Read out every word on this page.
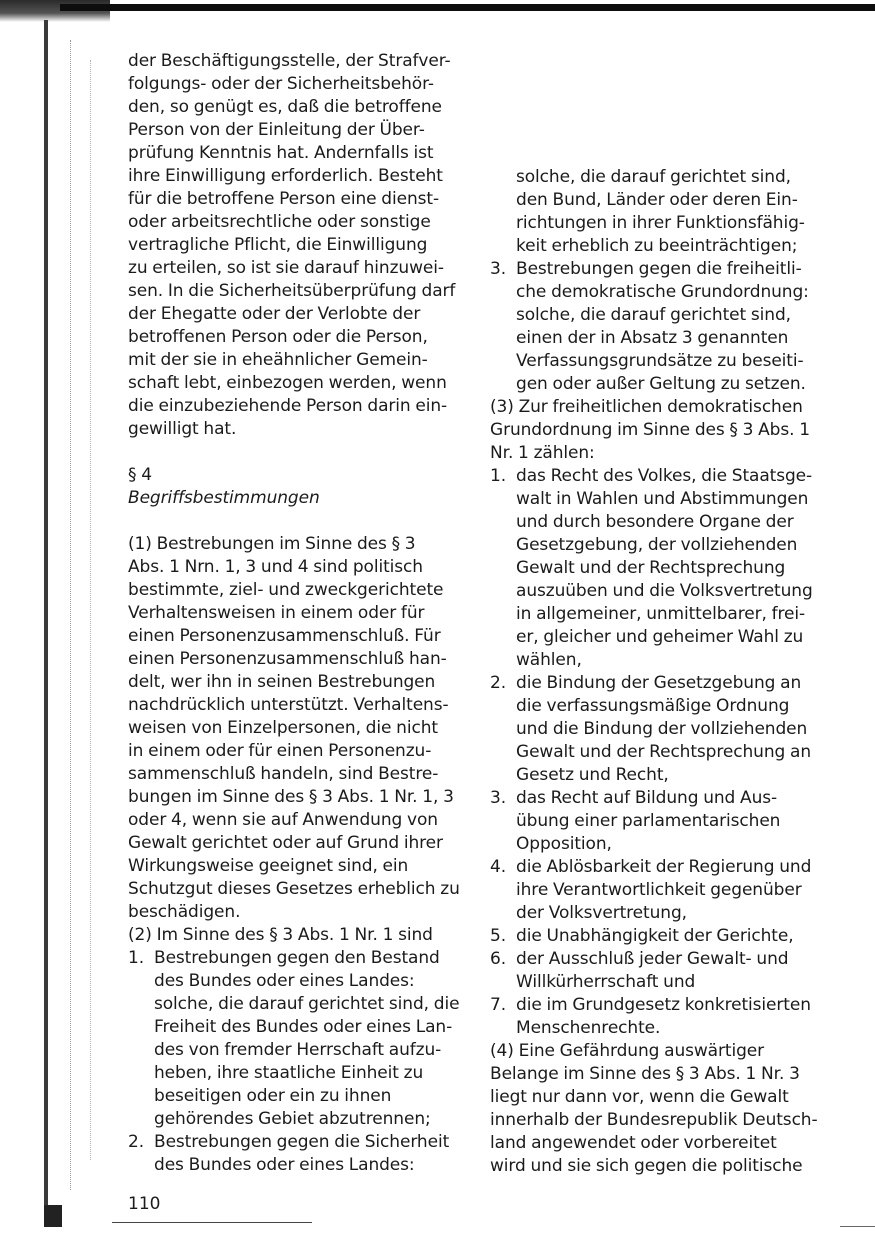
der Beschäftigungsstelle, der Strafver-
folgungs- oder der Sicherheitsbehör-
den, so genügt es, daß die betroffene
Person von der Einleitung der Über-
prüfung Kenntnis hat. Andernfalls ist
ihre Einwilligung erforderlich. Besteht
für die betroffene Person eine dienst-
oder arbeitsrechtliche oder sonstige
vertragliche Pflicht, die Einwilligung
zu erteilen, so ist sie darauf hinzuwei-
sen. In die Sicherheitsüberprüfung darf
der Ehegatte oder der Verlobte der
betroffenen Person oder die Person,
mit der sie in eheähnlicher Gemein-
schaft lebt, einbezogen werden, wenn
die einzubeziehende Person darin ein-
gewilligt hat.
§ 4
Begriffsbestimmungen
(1) Bestrebungen im Sinne des § 3
Abs. 1 Nrn. 1, 3 und 4 sind politisch
bestimmte, ziel- und zweckgerichtete
Verhaltensweisen in einem oder für
einen Personenzusammenschluß. Für
einen Personenzusammenschluß han-
delt, wer ihn in seinen Bestrebungen
nachdrücklich unterstützt. Verhaltens-
weisen von Einzelpersonen, die nicht
in einem oder für einen Personenzu-
sammenschluß handeln, sind Bestre-
bungen im Sinne des § 3 Abs. 1 Nr. 1, 3
oder 4, wenn sie auf Anwendung von
Gewalt gerichtet oder auf Grund ihrer
Wirkungsweise geeignet sind, ein
Schutzgut dieses Gesetzes erheblich zu
beschädigen.
(2) Im Sinne des § 3 Abs. 1 Nr. 1 sind
1. Bestrebungen gegen den Bestand
des Bundes oder eines Landes:
solche, die darauf gerichtet sind, die
Freiheit des Bundes oder eines Lan-
des von fremder Herrschaft aufzu-
heben, ihre staatliche Einheit zu
beseitigen oder ein zu ihnen
gehörendes Gebiet abzutrennen;
2. Bestrebungen gegen die Sicherheit
des Bundes oder eines Landes:
solche, die darauf gerichtet sind,
den Bund, Länder oder deren Ein-
richtungen in ihrer Funktionsfähig-
keit erheblich zu beeinträchtigen;
3. Bestrebungen gegen die freiheitli-
che demokratische Grundordnung:
solche, die darauf gerichtet sind,
einen der in Absatz 3 genannten
Verfassungsgrundsätze zu beseiti-
gen oder außer Geltung zu setzen.
(3) Zur freiheitlichen demokratischen
Grundordnung im Sinne des § 3 Abs. 1
Nr. 1 zählen:
1. das Recht des Volkes, die Staatsge-
walt in Wahlen und Abstimmungen
und durch besondere Organe der
Gesetzgebung, der vollziehenden
Gewalt und der Rechtsprechung
auszuüben und die Volksvertretung
in allgemeiner, unmittelbarer, frei-
er, gleicher und geheimer Wahl zu
wählen,
2. die Bindung der Gesetzgebung an
die verfassungsmäßige Ordnung
und die Bindung der vollziehenden
Gewalt und der Rechtsprechung an
Gesetz und Recht,
3. das Recht auf Bildung und Aus-
übung einer parlamentarischen
Opposition,
4. die Ablösbarkeit der Regierung und
ihre Verantwortlichkeit gegenüber
der Volksvertretung,
5. die Unabhängigkeit der Gerichte,
6. der Ausschluß jeder Gewalt- und
Willkürherrschaft und
7. die im Grundgesetz konkretisierten
Menschenrechte.
(4) Eine Gefährdung auswärtiger
Belange im Sinne des § 3 Abs. 1 Nr. 3
liegt nur dann vor, wenn die Gewalt
innerhalb der Bundesrepublik Deutsch-
land angewendet oder vorbereitet
wird und sie sich gegen die politische
110
